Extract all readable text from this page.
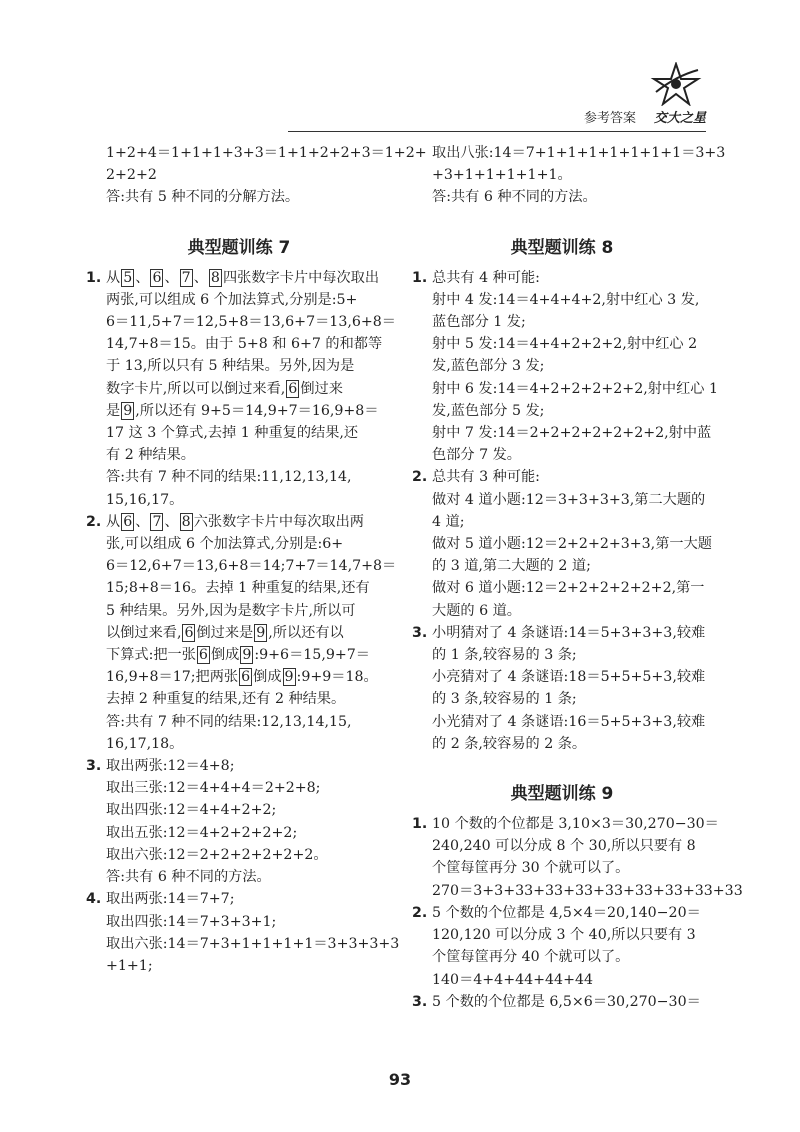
参考答案 交大之星
1+2+4＝1+1+1+3+3＝1+1+2+2+3＝1+2+
2+2+2
答:共有 5 种不同的分解方法。
典型题训练 7
1. 从 5 、 6 、 7 、 8 四张数字卡片中每次取出
两张,可以组成 6 个加法算式,分别是:5+
6＝11,5+7＝12,5+8＝13,6+7＝13,6+8＝
14,7+8＝15。由于 5+8 和 6+7 的和都等
于 13,所以只有 5 种结果。另外,因为是
数字卡片,所以可以倒过来看, 6 倒过来
是 9 ,所以还有 9+5＝14,9+7＝16,9+8＝
17 这 3 个算式,去掉 1 种重复的结果,还
有 2 种结果。
答:共有 7 种不同的结果:11,12,13,14,
15,16,17。
2. 从 6 、 7 、 8 六张数字卡片中每次取出两
张,可以组成 6 个加法算式,分别是:6+
6＝12,6+7＝13,6+8＝14;7+7＝14,7+8＝
15;8+8＝16。去掉 1 种重复的结果,还有
5 种结果。另外,因为是数字卡片,所以可
以倒过来看, 6 倒过来是 9 ,所以还有以
下算式:把一张 6 倒成 9 :9+6＝15,9+7＝
16,9+8＝17;把两张 6 倒成 9 :9+9＝18。
去掉 2 种重复的结果,还有 2 种结果。
答:共有 7 种不同的结果:12,13,14,15,
16,17,18。
3. 取出两张:12＝4+8;
取出三张:12＝4+4+4＝2+2+8;
取出四张:12＝4+4+2+2;
取出五张:12＝4+2+2+2+2;
取出六张:12＝2+2+2+2+2+2。
答:共有 6 种不同的方法。
4. 取出两张:14＝7+7;
取出四张:14＝7+3+3+1;
取出六张:14＝7+3+1+1+1+1＝3+3+3+3
+1+1;
取出八张:14＝7+1+1+1+1+1+1+1＝3+3
+3+1+1+1+1+1。
答:共有 6 种不同的方法。
典型题训练 8
1. 总共有 4 种可能:
射中 4 发:14＝4+4+4+2,射中红心 3 发,
蓝色部分 1 发;
射中 5 发:14＝4+4+2+2+2,射中红心 2
发,蓝色部分 3 发;
射中 6 发:14＝4+2+2+2+2+2,射中红心 1
发,蓝色部分 5 发;
射中 7 发:14＝2+2+2+2+2+2+2,射中蓝
色部分 7 发。
2. 总共有 3 种可能:
做对 4 道小题:12＝3+3+3+3,第二大题的
4 道;
做对 5 道小题:12＝2+2+2+3+3,第一大题
的 3 道,第二大题的 2 道;
做对 6 道小题:12＝2+2+2+2+2+2,第一
大题的 6 道。
3. 小明猜对了 4 条谜语:14＝5+3+3+3,较难
的 1 条,较容易的 3 条;
小亮猜对了 4 条谜语:18＝5+5+5+3,较难
的 3 条,较容易的 1 条;
小光猜对了 4 条谜语:16＝5+5+3+3,较难
的 2 条,较容易的 2 条。
典型题训练 9
1. 10 个数的个位都是 3,10×3＝30,270−30＝
240,240 可以分成 8 个 30,所以只要有 8
个筐每筐再分 30 个就可以了。
270＝3+3+33+33+33+33+33+33+33+33
2. 5 个数的个位都是 4,5×4＝20,140−20＝
120,120 可以分成 3 个 40,所以只要有 3
个筐每筐再分 40 个就可以了。
140＝4+4+44+44+44
3. 5 个数的个位都是 6,5×6＝30,270−30＝
93
